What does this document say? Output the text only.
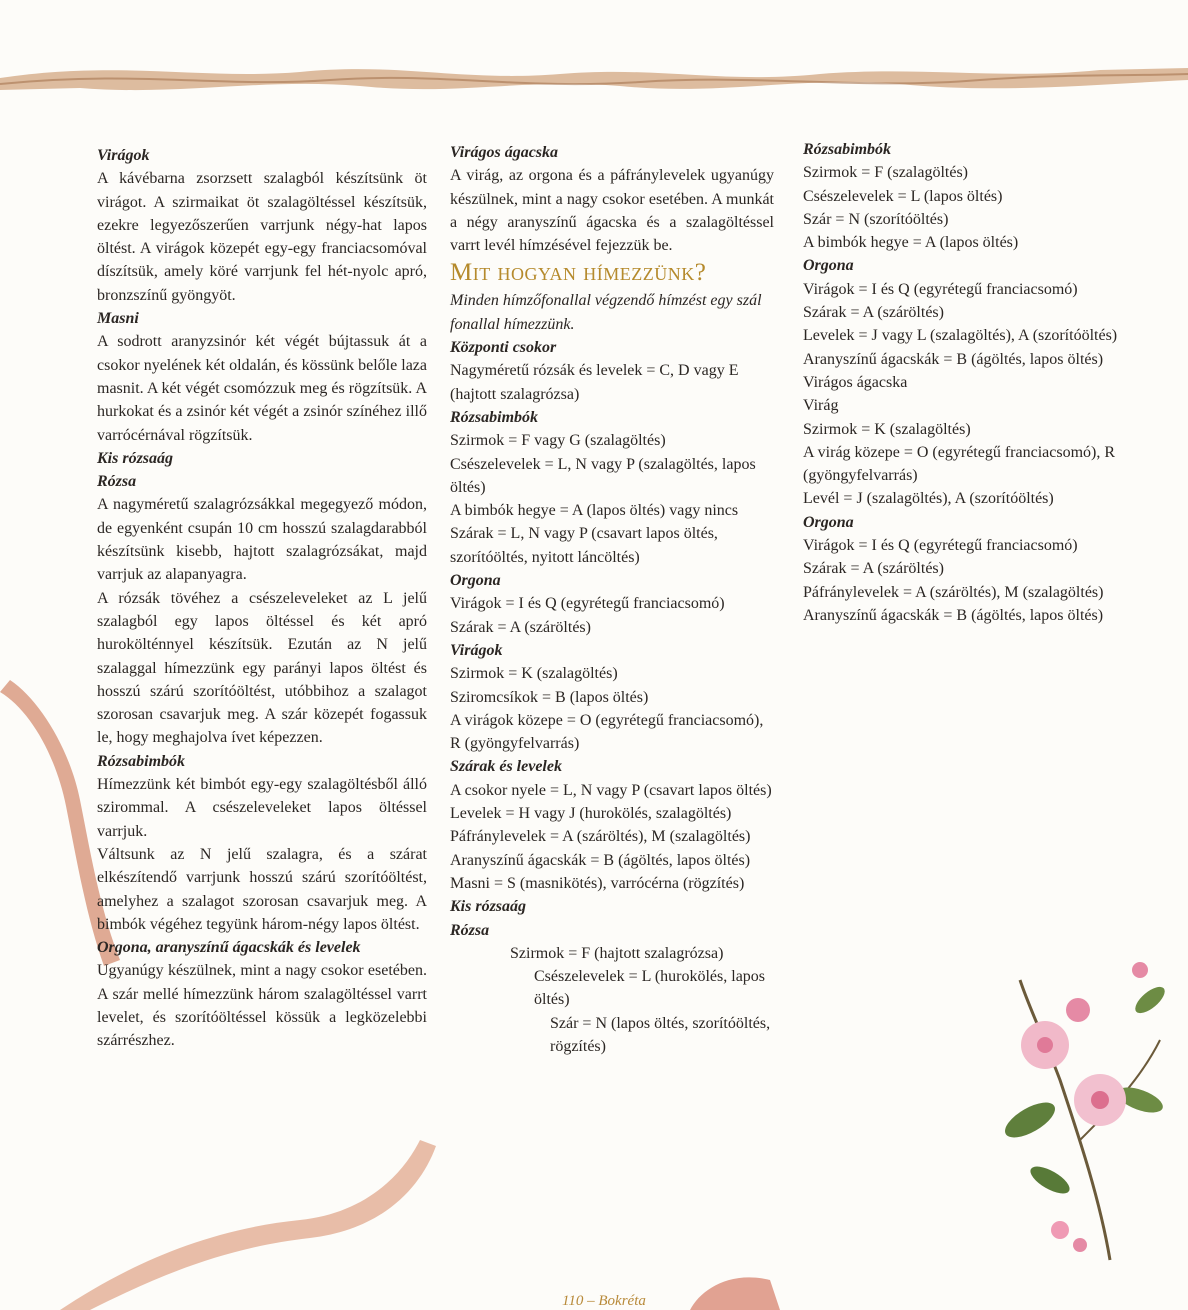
Virágok

A kávébarna zsorzsett szalagból készítsünk öt virágot. A szirmaikat öt szalagöltéssel készítsük, ezekre legyezőszerűen varrjunk négy-hat lapos öltést. A virágok közepét egy-egy franciacsomóval díszítsük, amely köré varrjunk fel hét-nyolc apró, bronzszínű gyöngyöt.

Masni

A sodrott aranyzsinór két végét bújtassuk át a csokor nyelének két oldalán, és kössünk belőle laza masnit. A két végét csomózzuk meg és rögzítsük. A hurkokat és a zsinór két végét a zsinór színéhez illő varrócérnával rögzítsük.

Kis rózsaág

Rózsa

A nagyméretű szalagrózsákkal megegyező módon, de egyenként csupán 10 cm hosszú szalagdarabból készítsünk kisebb, hajtott szalagrózsákat, majd varrjuk az alapanyagra.

A rózsák tövéhez a csészeleveleket az L jelű szalagból egy lapos öltéssel és két apró hurokölténnyel készítsük. Ezután az N jelű szalaggal hímezzünk egy parányi lapos öltést és hosszú szárú szorítóöltést, utóbbihoz a szalagot szorosan csavarjuk meg. A szár közepét fogassuk le, hogy meghajolva ívet képezzen.

Rózsabimbók

Hímezzünk két bimbót egy-egy szalagöltésből álló szirommal. A csészeleveleket lapos öltéssel varrjuk.

Váltsunk az N jelű szalagra, és a szárat elkészítendő varrjunk hosszú szárú szorítóöltést, amelyhez a szalagot szorosan csavarjuk meg. A bimbók végéhez tegyünk három-négy lapos öltést.

Orgona, aranyszínű ágacskák és levelek

Ugyanúgy készülnek, mint a nagy csokor esetében. A szár mellé hímezzünk három szalagöltéssel varrt levelet, és szorítóöltéssel kössük a legközelebbi szárrészhez.

Virágos ágacska

A virág, az orgona és a páfránylevelek ugyanúgy készülnek, mint a nagy csokor esetében. A munkát a négy aranyszínű ágacska és a szalagöltéssel varrt levél hímzésével fejezzük be.

Mit hogyan hímezzünk?

Minden hímzőfonallal végzendő hímzést egy szál fonallal hímezzünk.

Központi csokor

Nagyméretű rózsák és levelek = C, D vagy E (hajtott szalagrózsa)

Rózsabimbók

Szirmok = F vagy G (szalagöltés)

Csészelevelek = L, N vagy P (szalagöltés, lapos öltés)

A bimbók hegye = A (lapos öltés) vagy nincs

Szárak = L, N vagy P (csavart lapos öltés, szorítóöltés, nyitott láncöltés)

Orgona

Virágok = I és Q (egyrétegű franciacsomó)

Szárak = A (száröltés)

Virágok

Szirmok = K (szalagöltés)

Sziromcsíkok = B (lapos öltés)

A virágok közepe = O (egyrétegű franciacsomó), R (gyöngyfelvarrás)

Szárak és levelek

A csokor nyele = L, N vagy P (csavart lapos öltés)

Levelek = H vagy J (hurokölés, szalagöltés)

Páfránylevelek = A (száröltés), M (szalagöltés)

Aranyszínű ágacskák = B (ágöltés, lapos öltés)

Masni = S (masnikötés), varrócérna (rögzítés)

Kis rózsaág

Rózsa

Szirmok = F (hajtott szalagrózsa)

Csészelevelek = L (hurokölés, lapos öltés)

Szár = N (lapos öltés, szorítóöltés, rögzítés)

Rózsabimbók

Szirmok = F (szalagöltés)

Csészelevelek = L (lapos öltés)

Szár = N (szorítóöltés)

A bimbók hegye = A (lapos öltés)

Orgona

Virágok = I és Q (egyrétegű franciacsomó)

Szárak = A (száröltés)

Levelek = J vagy L (szalagöltés), A (szorítóöltés)

Aranyszínű ágacskák = B (ágöltés, lapos öltés)

Virágos ágacska

Virág

Szirmok = K (szalagöltés)

A virág közepe = O (egyrétegű franciacsomó), R (gyöngyfelvarrás)

Levél = J (szalagöltés), A (szorítóöltés)

Orgona

Virágok = I és Q (egyrétegű franciacsomó)

Szárak = A (száröltés)

Páfránylevelek = A (száröltés), M (szalagöltés)

Aranyszínű ágacskák = B (ágöltés, lapos öltés)

110 – Bokréta
